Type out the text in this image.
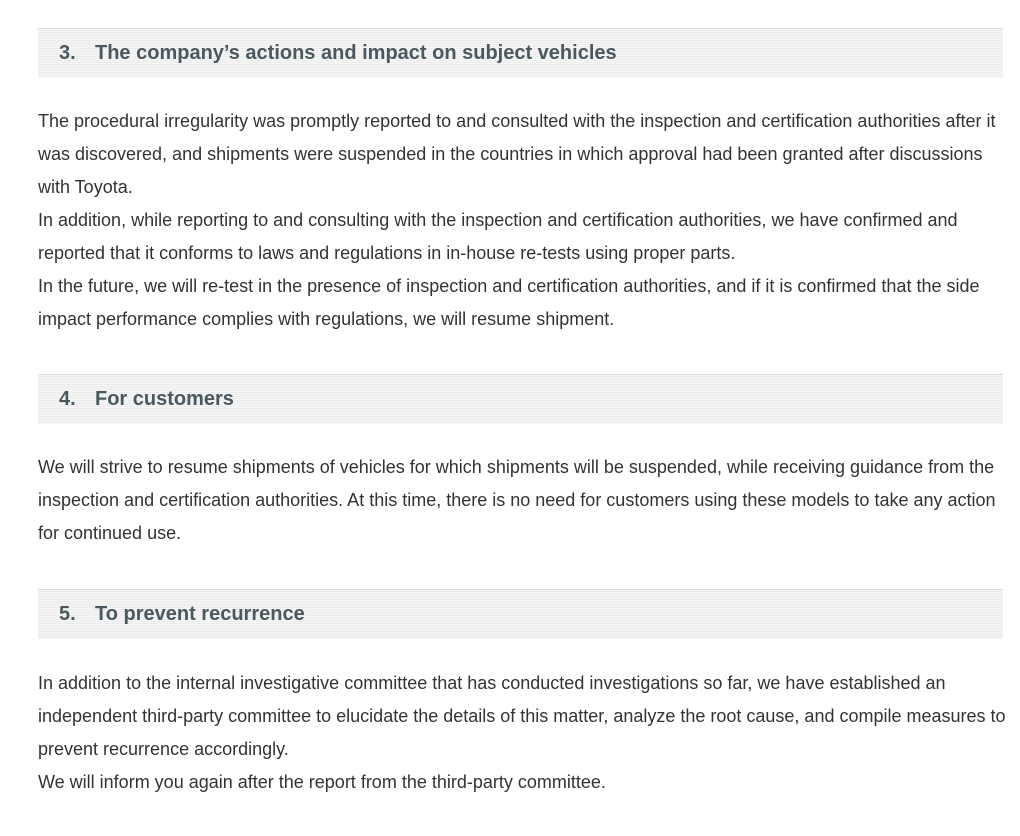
3. The company’s actions and impact on subject vehicles

The procedural irregularity was promptly reported to and consulted with the inspection and certification authorities after it was discovered, and shipments were suspended in the countries in which approval had been granted after discussions with Toyota.

In addition, while reporting to and consulting with the inspection and certification authorities, we have confirmed and reported that it conforms to laws and regulations in in-house re-tests using proper parts.

In the future, we will re-test in the presence of inspection and certification authorities, and if it is confirmed that the side impact performance complies with regulations, we will resume shipment.

4. For customers

We will strive to resume shipments of vehicles for which shipments will be suspended, while receiving guidance from the inspection and certification authorities. At this time, there is no need for customers using these models to take any action for continued use.

5. To prevent recurrence

In addition to the internal investigative committee that has conducted investigations so far, we have established an independent third-party committee to elucidate the details of this matter, analyze the root cause, and compile measures to prevent recurrence accordingly.

We will inform you again after the report from the third-party committee.
